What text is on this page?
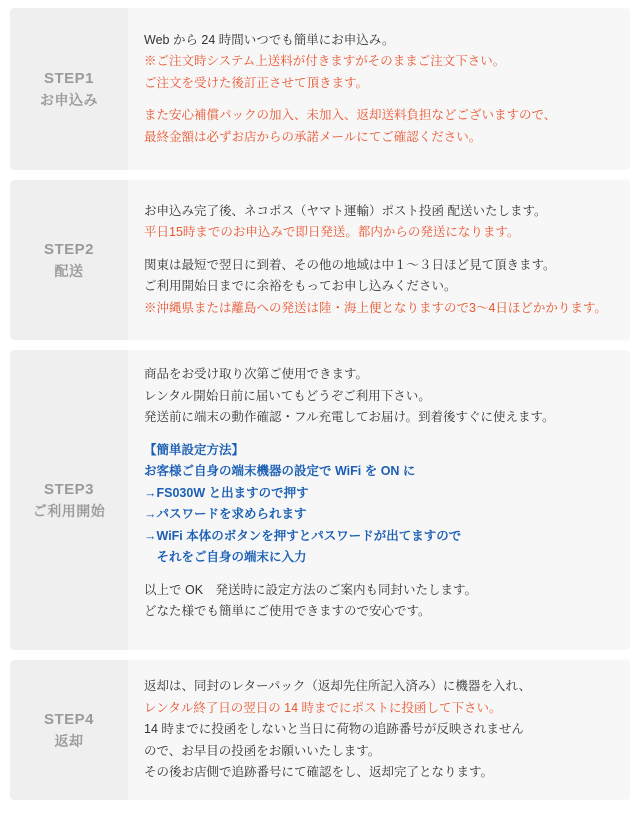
STEP1
お申込み
Web から 24 時間いつでも簡単にお申込み。
※ご注文時システム上送料が付きますがそのままご注文下さい。
ご注文を受けた後訂正させて頂きます。
また安心補償パックの加入、未加入、返却送料負担などございますので、
最終金額は必ずお店からの承諾メールにてご確認ください。
STEP2
配送
お申込み完了後、ネコポス（ヤマト運輸）ポスト投函 配送いたします。
平日15時までのお申込みで即日発送。都内からの発送になります。
関東は最短で翌日に到着、その他の地域は中１～３日ほど見て頂きます。
ご利用開始日までに余裕をもってお申し込みください。
※沖縄県または離島への発送は陸・海上便となりますので3～4日ほどかかります。
STEP3
ご利用開始
商品をお受け取り次第ご使用できます。
レンタル開始日前に届いてもどうぞご利用下さい。
発送前に端末の動作確認・フル充電してお届け。到着後すぐに使えます。
【簡単設定方法】
お客様ご自身の端末機器の設定で WiFi を ON に
→FS030W と出ますので押す
→パスワードを求められます
→WiFi 本体のボタンを押すとパスワードが出てますので
　それをご自身の端末に入力
以上で OK　発送時に設定方法のご案内も同封いたします。
どなた様でも簡単にご使用できますので安心です。
STEP4
返却
返却は、同封のレターパック（返却先住所記入済み）に機器を入れ、
レンタル終了日の翌日の 14 時までにポストに投函して下さい。
14 時までに投函をしないと当日に荷物の追跡番号が反映されません
ので、お早目の投函をお願いいたします。
その後お店側で追跡番号にて確認をし、返却完了となります。
